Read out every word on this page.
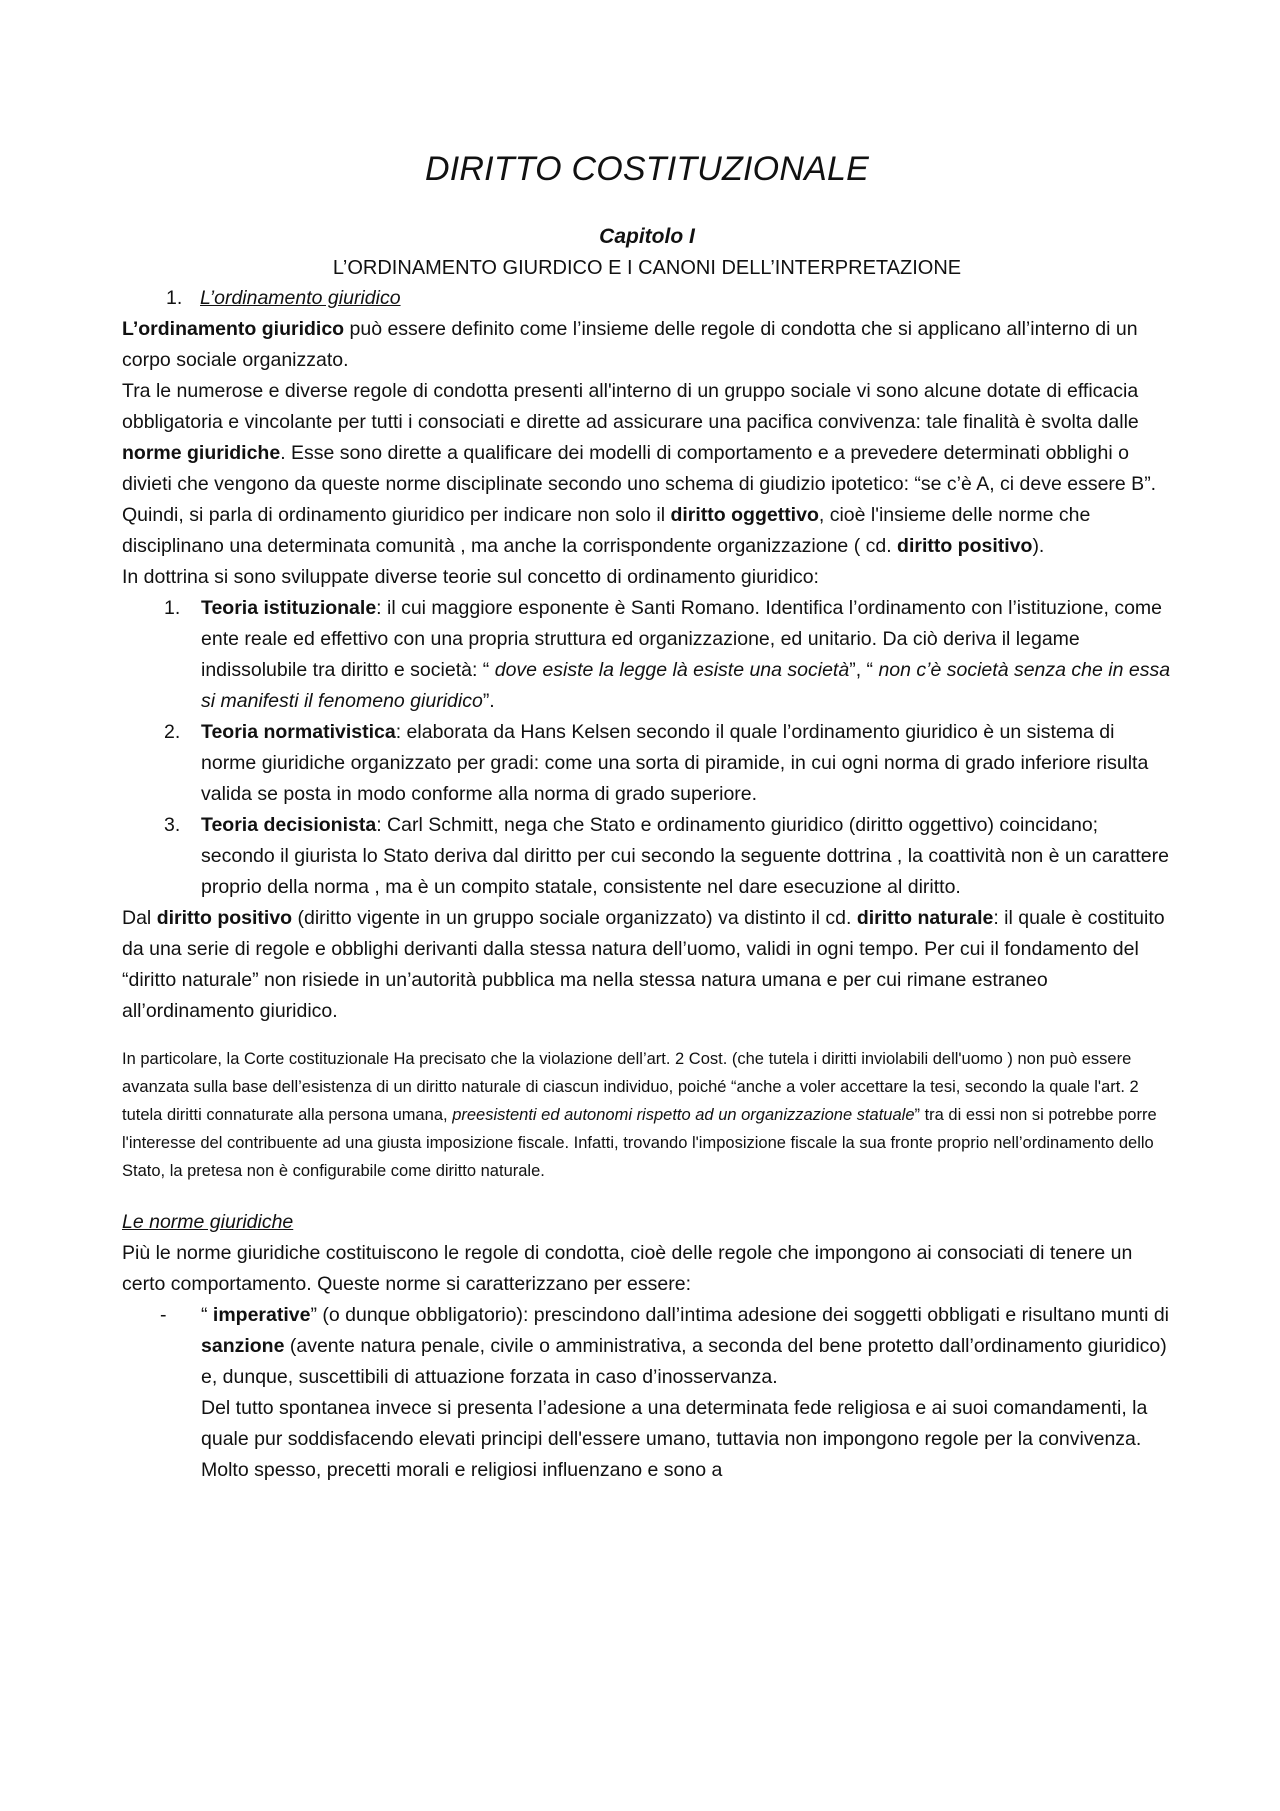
DIRITTO COSTITUZIONALE

Capitolo I

L’ORDINAMENTO GIURDICO E I CANONI DELL’INTERPRETAZIONE

1. L’ordinamento giuridico

L’ordinamento giuridico può essere definito come l’insieme delle regole di condotta che si applicano all’interno di un corpo sociale organizzato.

Tra le numerose e diverse regole di condotta presenti all'interno di un gruppo sociale vi sono alcune dotate di efficacia obbligatoria e vincolante per tutti i consociati e dirette ad assicurare una pacifica convivenza: tale finalità è svolta dalle norme giuridiche. Esse sono dirette a qualificare dei modelli di comportamento e a prevedere determinati obblighi o divieti che vengono da queste norme disciplinate secondo uno schema di giudizio ipotetico: “se c’è A, ci deve essere B”.

Quindi, si parla di ordinamento giuridico per indicare non solo il diritto oggettivo, cioè l'insieme delle norme che disciplinano una determinata comunità , ma anche la corrispondente organizzazione ( cd. diritto positivo).

In dottrina si sono sviluppate diverse teorie sul concetto di ordinamento giuridico:

1. Teoria istituzionale: il cui maggiore esponente è Santi Romano. Identifica l’ordinamento con l’istituzione, come ente reale ed effettivo con una propria struttura ed organizzazione, ed unitario. Da ciò deriva il legame indissolubile tra diritto e società: “ dove esiste la legge là esiste una società”, “ non c’è società senza che in essa si manifesti il fenomeno giuridico”.
2. Teoria normativistica: elaborata da Hans Kelsen secondo il quale l’ordinamento giuridico è un sistema di norme giuridiche organizzato per gradi: come una sorta di piramide, in cui ogni norma di grado inferiore risulta valida se posta in modo conforme alla norma di grado superiore.
3. Teoria decisionista: Carl Schmitt, nega che Stato e ordinamento giuridico (diritto oggettivo) coincidano; secondo il giurista lo Stato deriva dal diritto per cui secondo la seguente dottrina , la coattività non è un carattere proprio della norma , ma è un compito statale, consistente nel dare esecuzione al diritto.

Dal diritto positivo (diritto vigente in un gruppo sociale organizzato) va distinto il cd. diritto naturale: il quale è costituito da una serie di regole e obblighi derivanti dalla stessa natura dell’uomo, validi in ogni tempo. Per cui il fondamento del “diritto naturale” non risiede in un’autorità pubblica ma nella stessa natura umana e per cui rimane estraneo all’ordinamento giuridico.

In particolare, la Corte costituzionale Ha precisato che la violazione dell’art. 2 Cost. (che tutela i diritti inviolabili dell'uomo ) non può essere avanzata sulla base dell’esistenza di un diritto naturale di ciascun individuo, poiché “anche a voler accettare la tesi, secondo la quale l'art. 2 tutela diritti connaturate alla persona umana, preesistenti ed autonomi rispetto ad un organizzazione statuale” tra di essi non si potrebbe porre l'interesse del contribuente ad una giusta imposizione fiscale. Infatti, trovando l'imposizione fiscale la sua fronte proprio nell’ordinamento dello Stato, la pretesa non è configurabile come diritto naturale.

Le norme giuridiche

Più le norme giuridiche costituiscono le regole di condotta, cioè delle regole che impongono ai consociati di tenere un certo comportamento. Queste norme si caratterizzano per essere:

- “ imperative” (o dunque obbligatorio): prescindono dall’intima adesione dei soggetti obbligati e risultano munti di sanzione (avente natura penale, civile o amministrativa, a seconda del bene protetto dall’ordinamento giuridico) e, dunque, suscettibili di attuazione forzata in caso d’inosservanza.

Del tutto spontanea invece si presenta l’adesione a una determinata fede religiosa e ai suoi comandamenti, la quale pur soddisfacendo elevati principi dell'essere umano, tuttavia non impongono regole per la convivenza. Molto spesso, precetti morali e religiosi influenzano e sono a
